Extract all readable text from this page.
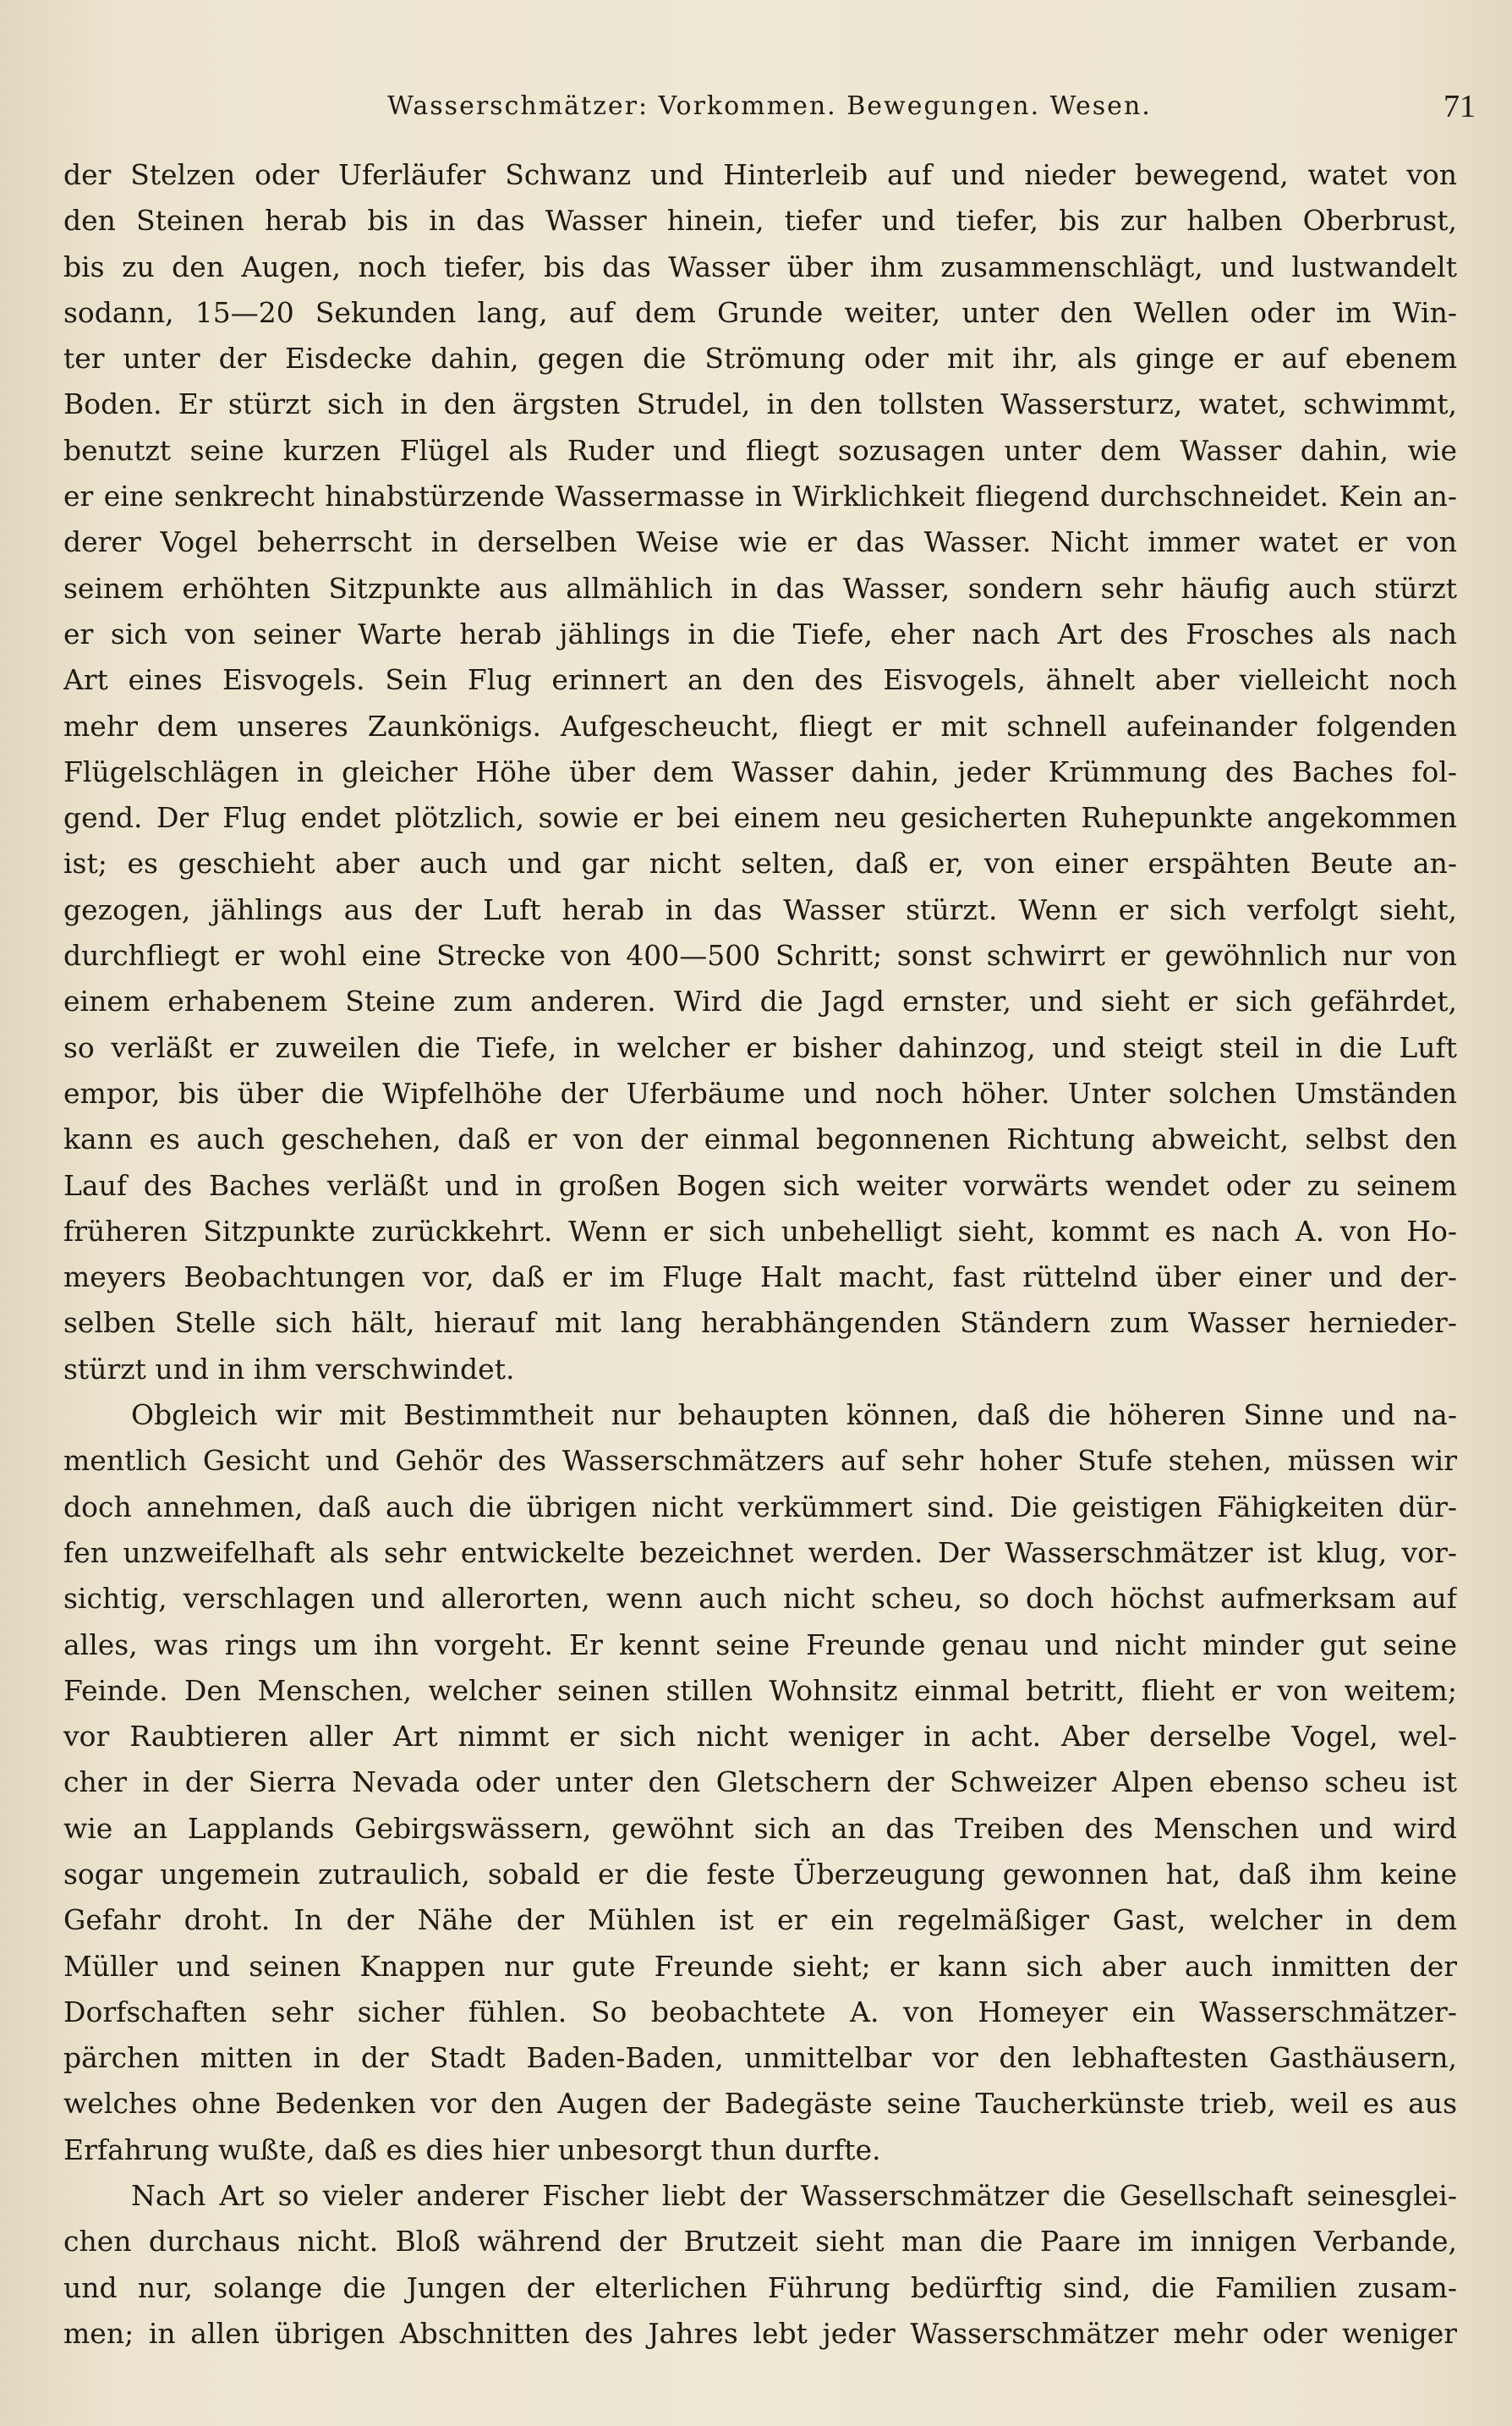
Wasserschmätzer: Vorkommen. Bewegungen. Wesen.	71
der Stelzen oder Uferläufer Schwanz und Hinterleib auf und nieder bewegend, watet von
den Steinen herab bis in das Wasser hinein, tiefer und tiefer, bis zur halben Oberbrust,
bis zu den Augen, noch tiefer, bis das Wasser über ihm zusammenschlägt, und lustwandelt
sodann, 15—20 Sekunden lang, auf dem Grunde weiter, unter den Wellen oder im Win-
ter unter der Eisdecke dahin, gegen die Strömung oder mit ihr, als ginge er auf ebenem
Boden. Er stürzt sich in den ärgsten Strudel, in den tollsten Wassersturz, watet, schwimmt,
benutzt seine kurzen Flügel als Ruder und fliegt sozusagen unter dem Wasser dahin, wie
er eine senkrecht hinabstürzende Wassermasse in Wirklichkeit fliegend durchschneidet. Kein an-
derer Vogel beherrscht in derselben Weise wie er das Wasser. Nicht immer watet er von
seinem erhöhten Sitzpunkte aus allmählich in das Wasser, sondern sehr häufig auch stürzt
er sich von seiner Warte herab jählings in die Tiefe, eher nach Art des Frosches als nach
Art eines Eisvogels. Sein Flug erinnert an den des Eisvogels, ähnelt aber vielleicht noch
mehr dem unseres Zaunkönigs. Aufgescheucht, fliegt er mit schnell aufeinander folgenden
Flügelschlägen in gleicher Höhe über dem Wasser dahin, jeder Krümmung des Baches fol-
gend. Der Flug endet plötzlich, sowie er bei einem neu gesicherten Ruhepunkte angekommen
ist; es geschieht aber auch und gar nicht selten, daß er, von einer erspähten Beute an-
gezogen, jählings aus der Luft herab in das Wasser stürzt. Wenn er sich verfolgt sieht,
durchfliegt er wohl eine Strecke von 400—500 Schritt; sonst schwirrt er gewöhnlich nur von
einem erhabenem Steine zum anderen. Wird die Jagd ernster, und sieht er sich gefährdet,
so verläßt er zuweilen die Tiefe, in welcher er bisher dahinzog, und steigt steil in die Luft
empor, bis über die Wipfelhöhe der Uferbäume und noch höher. Unter solchen Umständen
kann es auch geschehen, daß er von der einmal begonnenen Richtung abweicht, selbst den
Lauf des Baches verläßt und in großen Bogen sich weiter vorwärts wendet oder zu seinem
früheren Sitzpunkte zurückkehrt. Wenn er sich unbehelligt sieht, kommt es nach A. von Ho-
meyers Beobachtungen vor, daß er im Fluge Halt macht, fast rüttelnd über einer und der-
selben Stelle sich hält, hierauf mit lang herabhängenden Ständern zum Wasser hernieder-
stürzt und in ihm verschwindet.
Obgleich wir mit Bestimmtheit nur behaupten können, daß die höheren Sinne und na-
mentlich Gesicht und Gehör des Wasserschmätzers auf sehr hoher Stufe stehen, müssen wir
doch annehmen, daß auch die übrigen nicht verkümmert sind. Die geistigen Fähigkeiten dür-
fen unzweifelhaft als sehr entwickelte bezeichnet werden. Der Wasserschmätzer ist klug, vor-
sichtig, verschlagen und allerorten, wenn auch nicht scheu, so doch höchst aufmerksam auf
alles, was rings um ihn vorgeht. Er kennt seine Freunde genau und nicht minder gut seine
Feinde. Den Menschen, welcher seinen stillen Wohnsitz einmal betritt, flieht er von weitem;
vor Raubtieren aller Art nimmt er sich nicht weniger in acht. Aber derselbe Vogel, wel-
cher in der Sierra Nevada oder unter den Gletschern der Schweizer Alpen ebenso scheu ist
wie an Lapplands Gebirgswässern, gewöhnt sich an das Treiben des Menschen und wird
sogar ungemein zutraulich, sobald er die feste Überzeugung gewonnen hat, daß ihm keine
Gefahr droht. In der Nähe der Mühlen ist er ein regelmäßiger Gast, welcher in dem
Müller und seinen Knappen nur gute Freunde sieht; er kann sich aber auch inmitten der
Dorfschaften sehr sicher fühlen. So beobachtete A. von Homeyer ein Wasserschmätzer-
pärchen mitten in der Stadt Baden-Baden, unmittelbar vor den lebhaftesten Gasthäusern,
welches ohne Bedenken vor den Augen der Badegäste seine Taucherkünste trieb, weil es aus
Erfahrung wußte, daß es dies hier unbesorgt thun durfte.
Nach Art so vieler anderer Fischer liebt der Wasserschmätzer die Gesellschaft seinesglei-
chen durchaus nicht. Bloß während der Brutzeit sieht man die Paare im innigen Verbande,
und nur, solange die Jungen der elterlichen Führung bedürftig sind, die Familien zusam-
men; in allen übrigen Abschnitten des Jahres lebt jeder Wasserschmätzer mehr oder weniger
